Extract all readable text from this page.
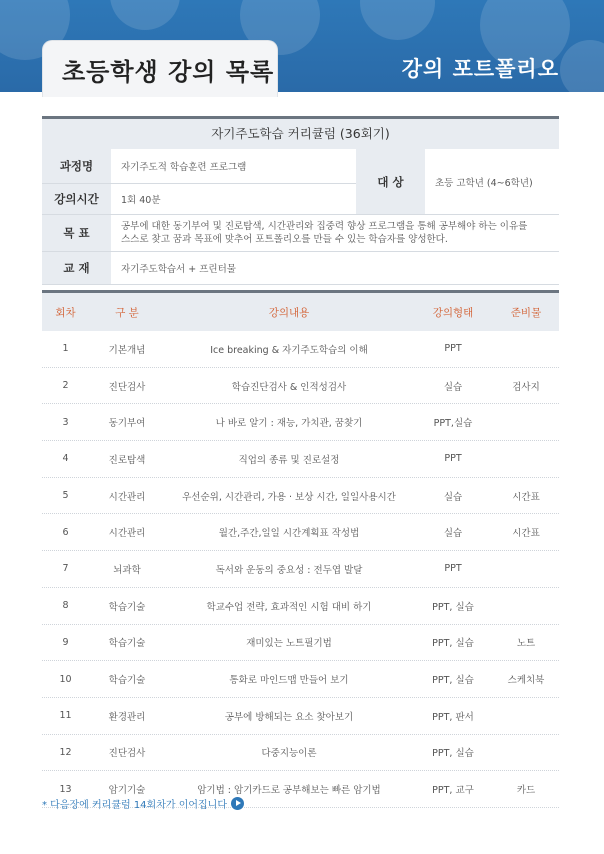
초등학생 강의 목록	강의 포트폴리오
자기주도학습 커리큘럼 (36회기)
과정명	자기주도적 학습훈련 프로그램
강의시간	1회 40분
대 상	초등 고학년 (4~6학년)
목 표	공부에 대한 동기부여 및 진로탐색, 시간관리와 집중력 향상 프로그램을 통해 공부해야 하는 이유를
스스로 찾고 꿈과 목표에 맞추어 포트폴리오를 만들 수 있는 학습자를 양성한다.
교 재	자기주도학습서 + 프린터물
회차	구 분	강의내용	강의형태	준비물
1	기본개념	Ice breaking & 자기주도학습의 이해	PPT
2	진단검사	학습진단검사 & 인적성검사	실습	검사지
3	동기부여	나 바로 알기 : 재능, 가치관, 꿈찾기	PPT,실습
4	진로탐색	직업의 종류 및 진로설정	PPT
5	시간관리	우선순위, 시간관리, 가용 · 보상 시간, 일일사용시간	실습	시간표
6	시간관리	월간,주간,일일 시간계획표 작성법	실습	시간표
7	뇌과학	독서와 운동의 중요성 : 전두엽 발달	PPT
8	학습기술	학교수업 전략, 효과적인 시험 대비 하기	PPT, 실습
9	학습기술	재미있는 노트필기법	PPT, 실습	노트
10	학습기술	통화로 마인드맵 만들어 보기	PPT, 실습	스케치북
11	환경관리	공부에 방해되는 요소 찾아보기	PPT, 판서
12	진단검사	다중지능이론	PPT, 실습
13	암기기술	암기법 : 암기카드로 공부해보는 빠른 암기법	PPT, 교구	카드
* 다음장에 커리큘럼 14회차가 이어집니다
